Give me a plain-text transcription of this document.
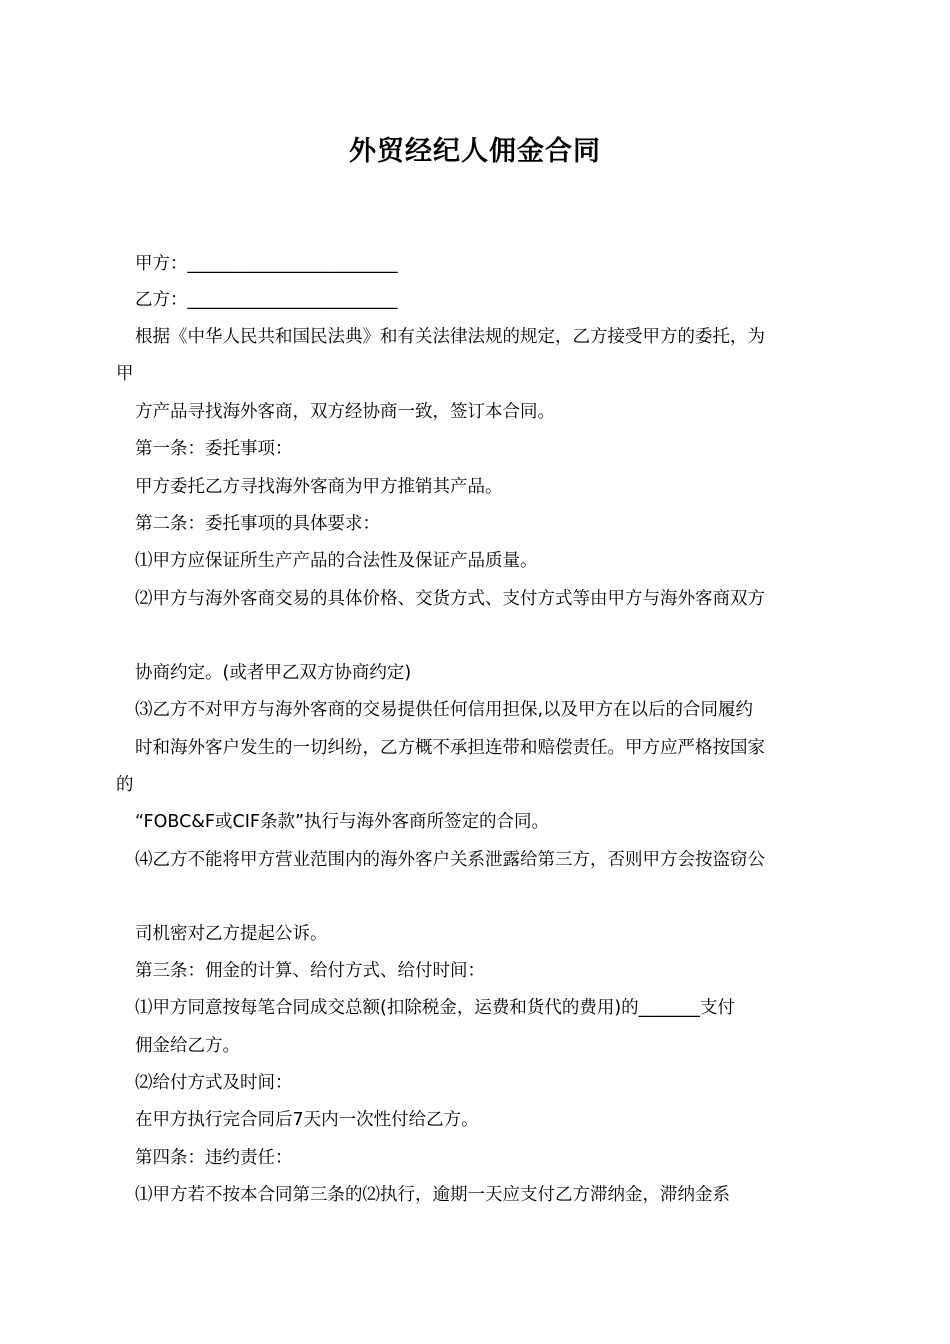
外贸经纪人佣金合同
甲方：________________________
乙方：________________________
根据《中华人民共和国民法典》和有关法律法规的规定，乙方接受甲方的委托，为
甲
方产品寻找海外客商，双方经协商一致，签订本合同。
第一条：委托事项：
甲方委托乙方寻找海外客商为甲方推销其产品。
第二条：委托事项的具体要求：
⑴甲方应保证所生产产品的合法性及保证产品质量。
⑵甲方与海外客商交易的具体价格、交货方式、支付方式等由甲方与海外客商双方
协商约定。(或者甲乙双方协商约定)
⑶乙方不对甲方与海外客商的交易提供任何信用担保,以及甲方在以后的合同履约
时和海外客户发生的一切纠纷，乙方概不承担连带和赔偿责任。甲方应严格按国家
的
“FOBC&F或CIF条款”执行与海外客商所签定的合同。
⑷乙方不能将甲方营业范围内的海外客户关系泄露给第三方，否则甲方会按盗窃公
司机密对乙方提起公诉。
第三条：佣金的计算、给付方式、给付时间：
⑴甲方同意按每笔合同成交总额(扣除税金，运费和货代的费用)的_______支付
佣金给乙方。
⑵给付方式及时间：
在甲方执行完合同后7天内一次性付给乙方。
第四条：违约责任：
⑴甲方若不按本合同第三条的⑵执行，逾期一天应支付乙方滞纳金，滞纳金系
